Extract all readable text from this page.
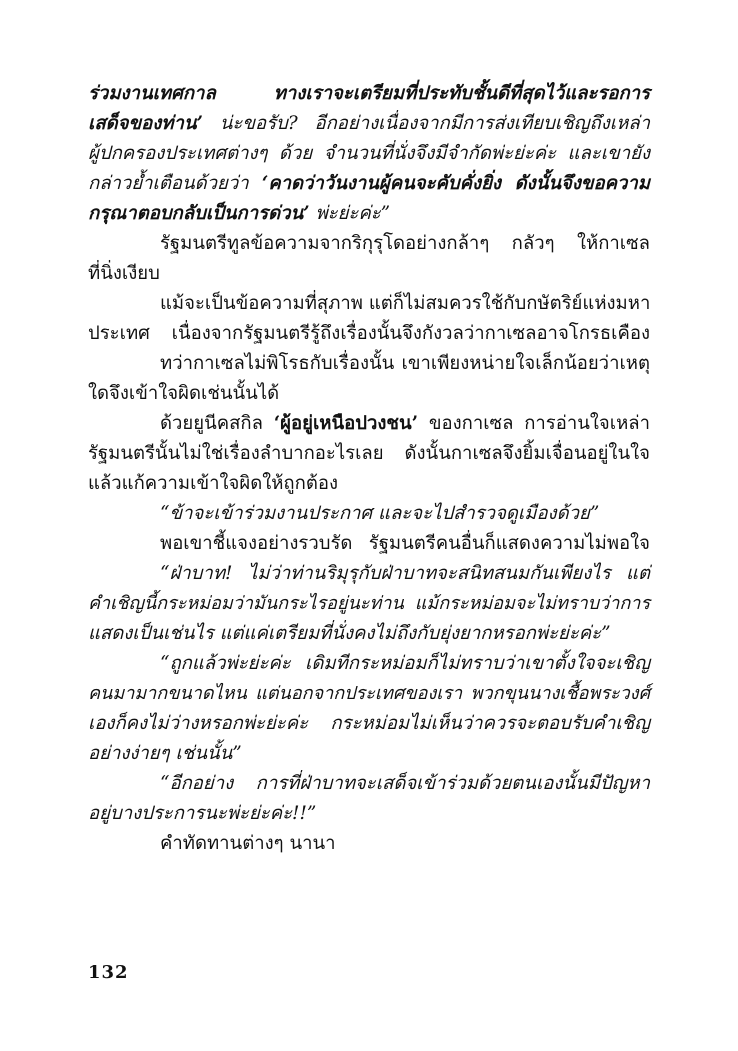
ร่วมงานเทศกาล ทางเราจะเตรียมที่ประทับชั้นดีที่สุดไว้และรอการ
เสด็จของท่าน’ น่ะขอรับ? อีกอย่างเนื่องจากมีการส่งเทียบเชิญถึงเหล่า
ผู้ปกครองประเทศต่างๆ ด้วย จำนวนที่นั่งจึงมีจำกัดพ่ะย่ะค่ะ และเขายัง
กล่าวย้ำเตือนด้วยว่า ‘คาดว่าวันงานผู้คนจะคับคั่งยิ่ง ดังนั้นจึงขอความ
กรุณาตอบกลับเป็นการด่วน’ พ่ะย่ะค่ะ”
รัฐมนตรีทูลข้อความจากริกุรุโดอย่างกล้าๆ กลัวๆ ให้กาเซล
ที่นิ่งเงียบ
แม้จะเป็นข้อความที่สุภาพ แต่ก็ไม่สมควรใช้กับกษัตริย์แห่งมหา
ประเทศ เนื่องจากรัฐมนตรีรู้ถึงเรื่องนั้นจึงกังวลว่ากาเซลอาจโกรธเคือง
ทว่ากาเซลไม่พิโรธกับเรื่องนั้น เขาเพียงหน่ายใจเล็กน้อยว่าเหตุ
ใดจึงเข้าใจผิดเช่นนั้นได้
ด้วยยูนีคสกิล ‘ผู้อยู่เหนือปวงชน’ ของกาเซล การอ่านใจเหล่า
รัฐมนตรีนั้นไม่ใช่เรื่องลำบากอะไรเลย ดังนั้นกาเซลจึงยิ้มเจื่อนอยู่ในใจ
แล้วแก้ความเข้าใจผิดให้ถูกต้อง
“ข้าจะเข้าร่วมงานประกาศ และจะไปสำรวจดูเมืองด้วย”
พอเขาชี้แจงอย่างรวบรัด รัฐมนตรีคนอื่นก็แสดงความไม่พอใจ
“ฝ่าบาท! ไม่ว่าท่านริมุรุกับฝ่าบาทจะสนิทสนมกันเพียงไร แต่
คำเชิญนี้กระหม่อมว่ามันกระไรอยู่นะท่าน แม้กระหม่อมจะไม่ทราบว่าการ
แสดงเป็นเช่นไร แต่แค่เตรียมที่นั่งคงไม่ถึงกับยุ่งยากหรอกพ่ะย่ะค่ะ”
“ถูกแล้วพ่ะย่ะค่ะ เดิมทีกระหม่อมก็ไม่ทราบว่าเขาตั้งใจจะเชิญ
คนมามากขนาดไหน แต่นอกจากประเทศของเรา พวกขุนนางเชื้อพระวงศ์
เองก็คงไม่ว่างหรอกพ่ะย่ะค่ะ กระหม่อมไม่เห็นว่าควรจะตอบรับคำเชิญ
อย่างง่ายๆ เช่นนั้น”
“อีกอย่าง การที่ฝ่าบาทจะเสด็จเข้าร่วมด้วยตนเองนั้นมีปัญหา
อยู่บางประการนะพ่ะย่ะค่ะ!!”
คำทัดทานต่างๆ นานา
132
